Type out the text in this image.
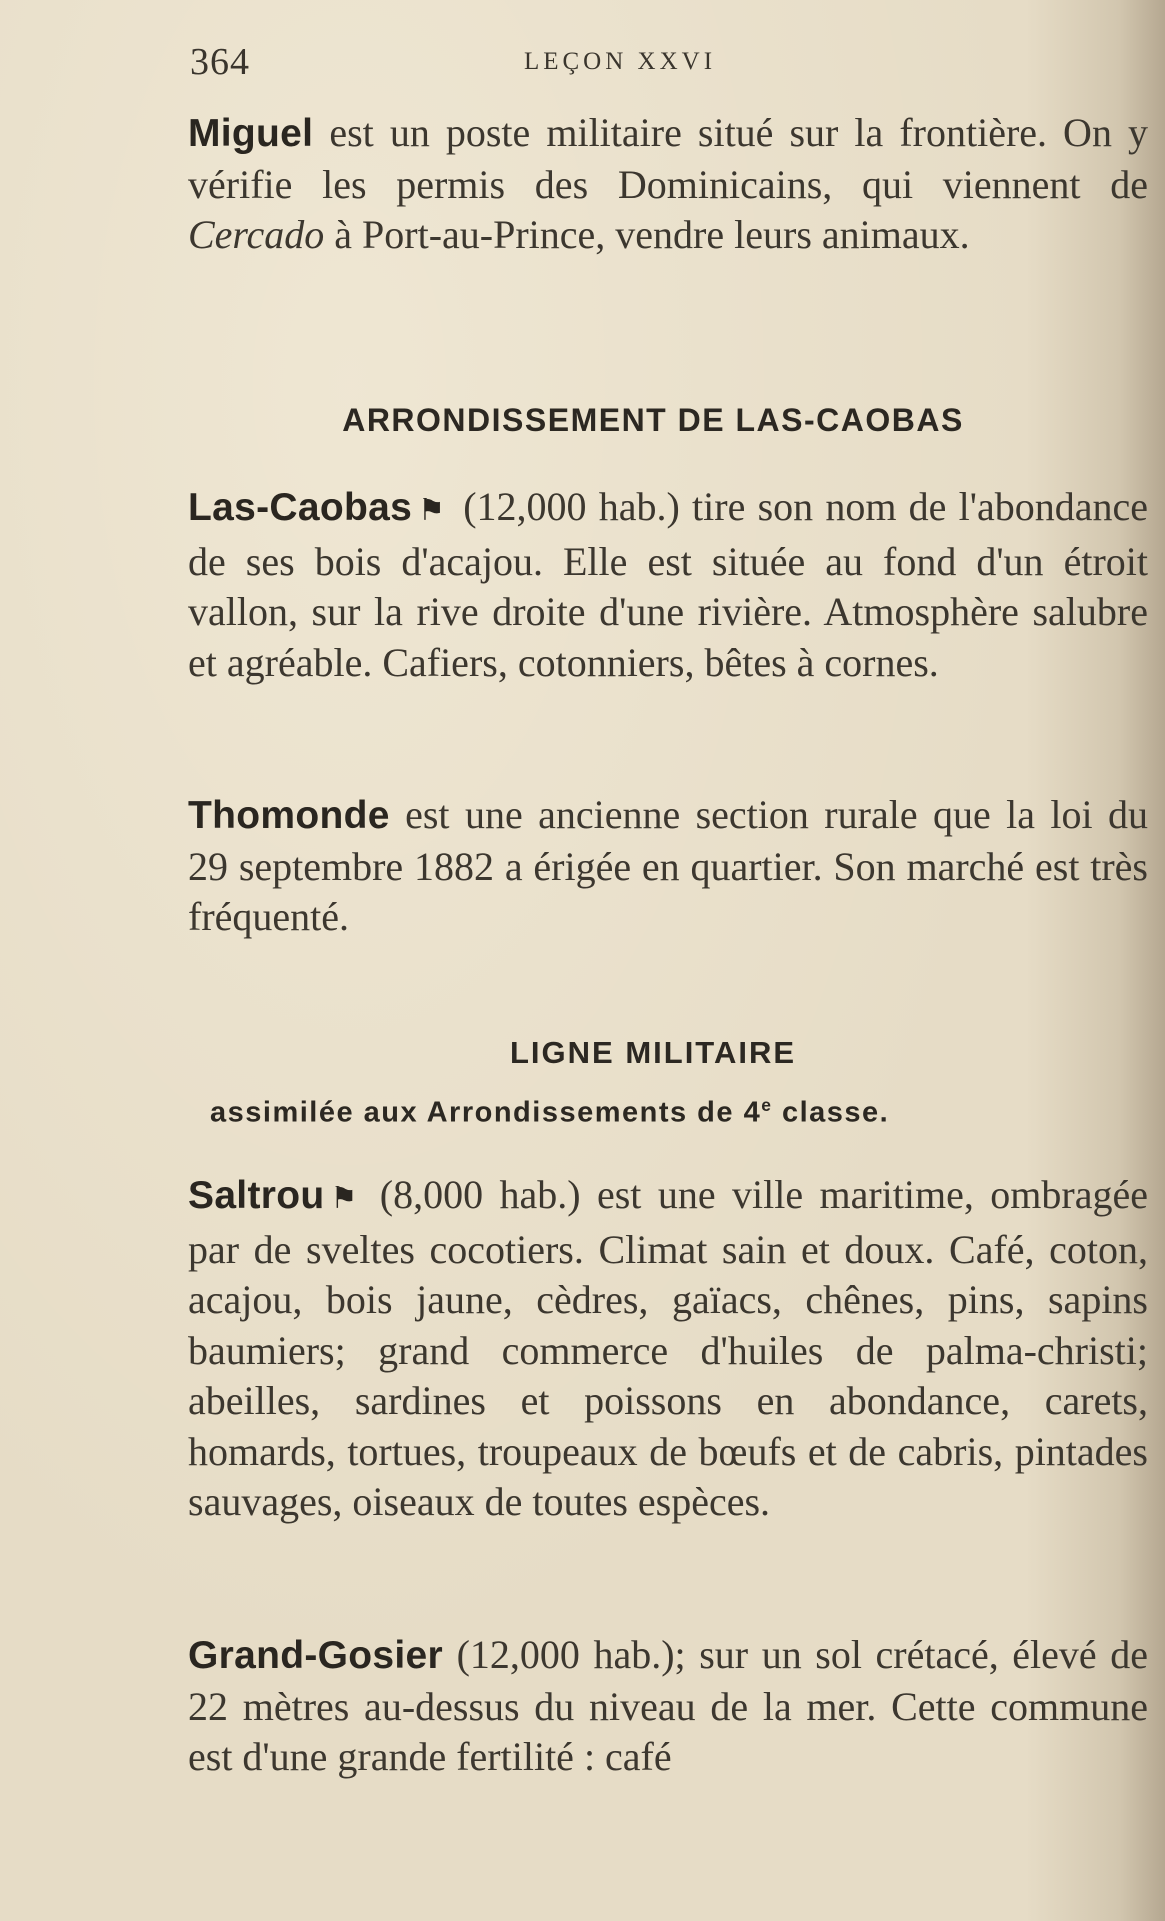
364	LEÇON XXVI

Miguel est un poste militaire situé sur la frontière. On y vérifie les permis des Dominicains, qui viennent de Cercado à Port-au-Prince, vendre leurs animaux.

ARRONDISSEMENT DE LAS-CAOBAS

Las-Caobas ⚑ (12,000 hab.) tire son nom de l'abondance de ses bois d'acajou. Elle est située au fond d'un étroit vallon, sur la rive droite d'une rivière. Atmosphère salubre et agréable. Cafiers, cotonniers, bêtes à cornes.

Thomonde est une ancienne section rurale que la loi du 29 septembre 1882 a érigée en quartier. Son marché est très fréquenté.

LIGNE MILITAIRE

assimilée aux Arrondissements de 4e classe.

Saltrou ⚑ (8,000 hab.) est une ville maritime, ombragée par de sveltes cocotiers. Climat sain et doux. Café, coton, acajou, bois jaune, cèdres, gaïacs, chênes, pins, sapins baumiers; grand commerce d'huiles de palma-christi; abeilles, sardines et poissons en abondance, carets, homards, tortues, troupeaux de bœufs et de cabris, pintades sauvages, oiseaux de toutes espèces.

Grand-Gosier (12,000 hab.); sur un sol crétacé, élevé de 22 mètres au-dessus du niveau de la mer. Cette commune est d'une grande fertilité : café
